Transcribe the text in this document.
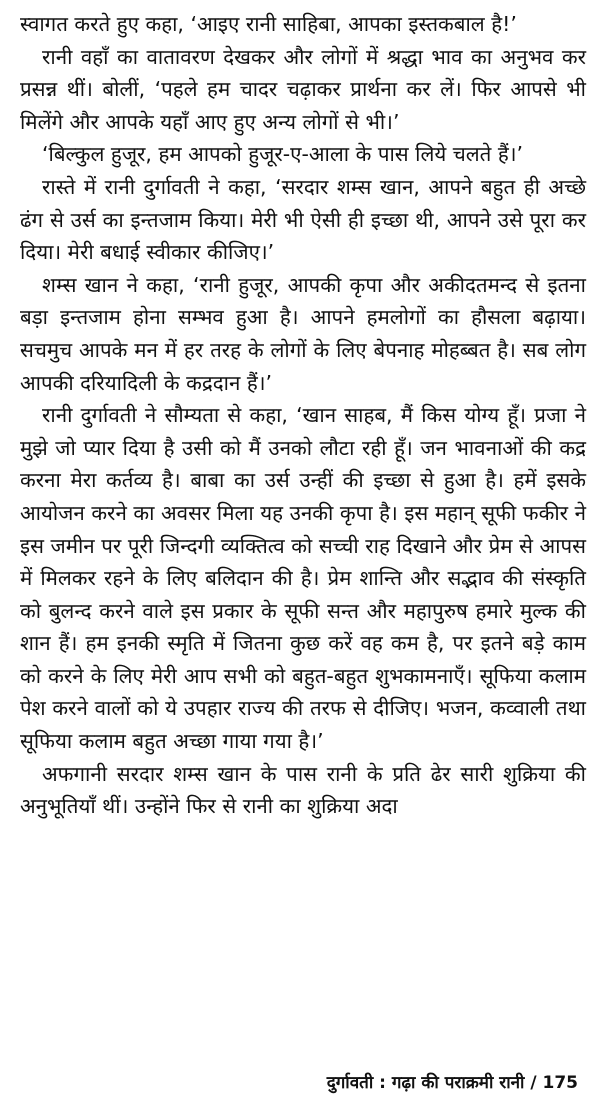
स्वागत करते हुए कहा, ‘आइए रानी साहिबा, आपका इस्तकबाल है!’

रानी वहाँ का वातावरण देखकर और लोगों में श्रद्धा भाव का अनुभव कर प्रसन्न थीं। बोलीं, ‘पहले हम चादर चढ़ाकर प्रार्थना कर लें। फिर आपसे भी मिलेंगे और आपके यहाँ आए हुए अन्य लोगों से भी।’

‘बिल्कुल हुजूर, हम आपको हुजूर-ए-आला के पास लिये चलते हैं।’

रास्ते में रानी दुर्गावती ने कहा, ‘सरदार शम्स खान, आपने बहुत ही अच्छे ढंग से उर्स का इन्तजाम किया। मेरी भी ऐसी ही इच्छा थी, आपने उसे पूरा कर दिया। मेरी बधाई स्वीकार कीजिए।’

शम्स खान ने कहा, ‘रानी हुजूर, आपकी कृपा और अकीदतमन्द से इतना बड़ा इन्तजाम होना सम्भव हुआ है। आपने हमलोगों का हौसला बढ़ाया। सचमुच आपके मन में हर तरह के लोगों के लिए बेपनाह मोहब्बत है। सब लोग आपकी दरियादिली के कद्रदान हैं।’

रानी दुर्गावती ने सौम्यता से कहा, ‘खान साहब, मैं किस योग्य हूँ। प्रजा ने मुझे जो प्यार दिया है उसी को मैं उनको लौटा रही हूँ। जन भावनाओं की कद्र करना मेरा कर्तव्य है। बाबा का उर्स उन्हीं की इच्छा से हुआ है। हमें इसके आयोजन करने का अवसर मिला यह उनकी कृपा है। इस महान् सूफी फकीर ने इस जमीन पर पूरी जिन्दगी व्यक्तित्व को सच्ची राह दिखाने और प्रेम से आपस में मिलकर रहने के लिए बलिदान की है। प्रेम शान्ति और सद्भाव की संस्कृति को बुलन्द करने वाले इस प्रकार के सूफी सन्त और महापुरुष हमारे मुल्क की शान हैं। हम इनकी स्मृति में जितना कुछ करें वह कम है, पर इतने बड़े काम को करने के लिए मेरी आप सभी को बहुत-बहुत शुभकामनाएँ। सूफिया कलाम पेश करने वालों को ये उपहार राज्य की तरफ से दीजिए। भजन, कव्वाली तथा सूफिया कलाम बहुत अच्छा गाया गया है।’

अफगानी सरदार शम्स खान के पास रानी के प्रति ढेर सारी शुक्रिया की अनुभूतियाँ थीं। उन्होंने फिर से रानी का शुक्रिया अदा

दुर्गावती : गढ़ा की पराक्रमी रानी / 175
